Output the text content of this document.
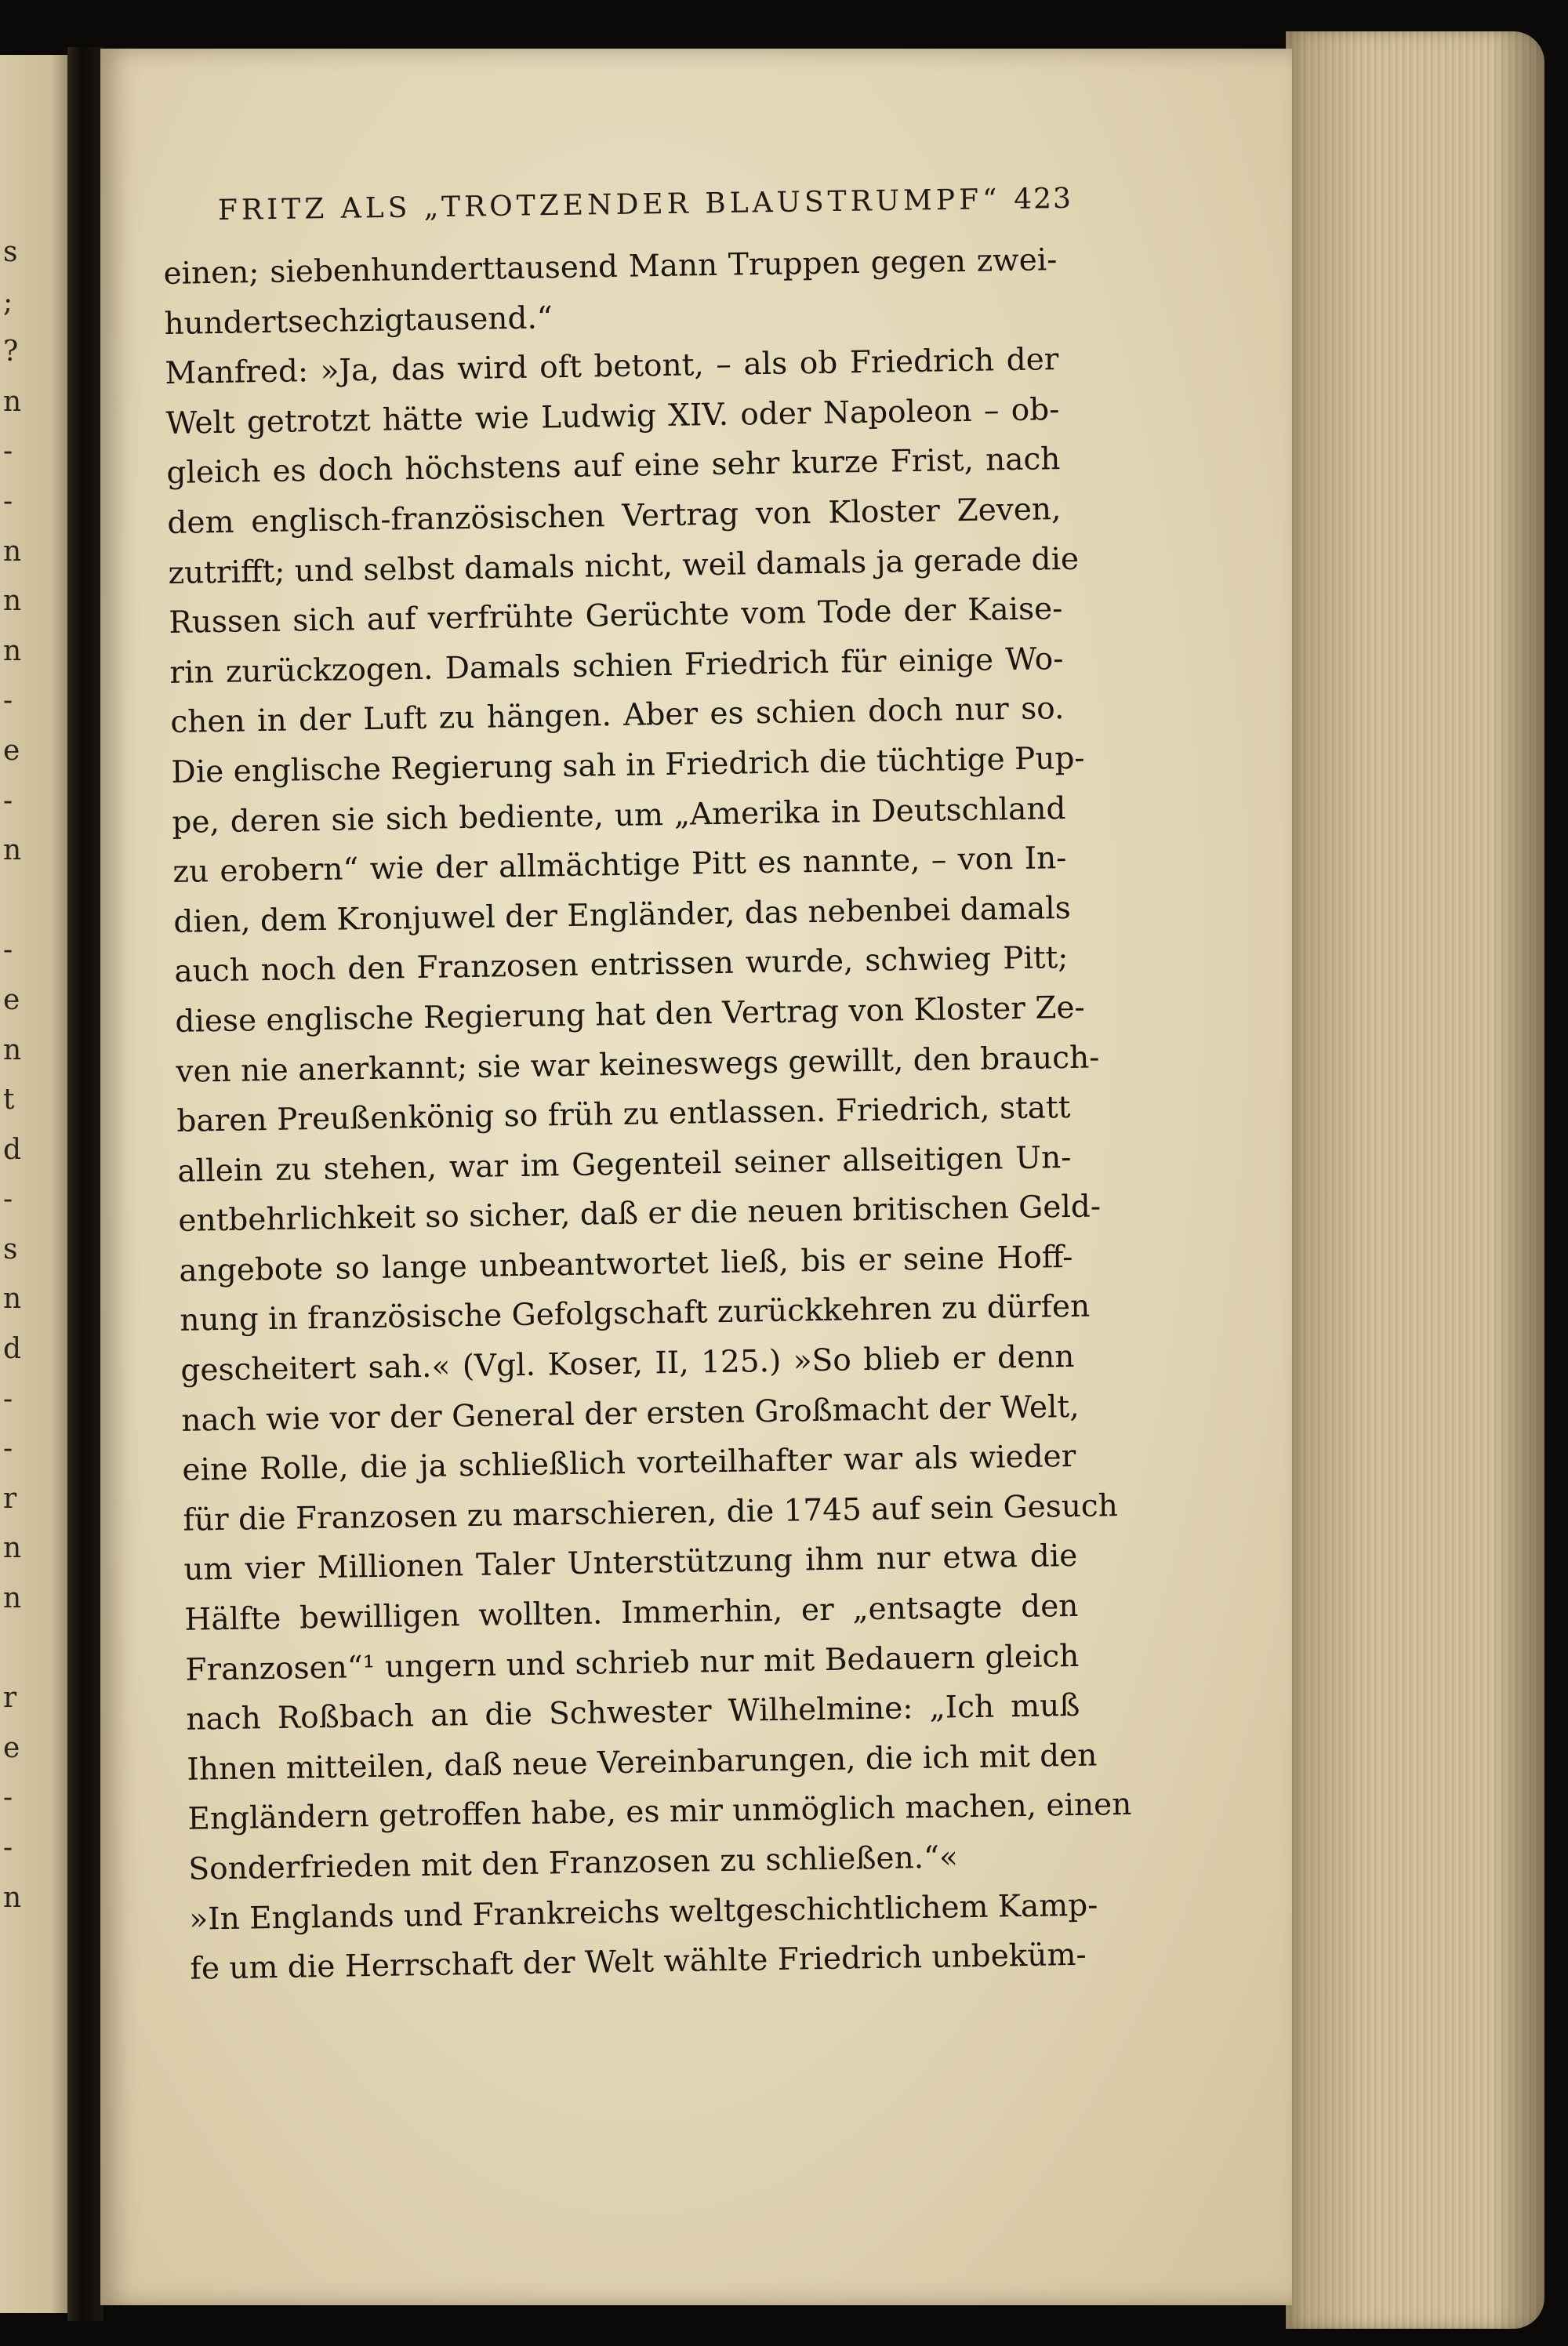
s
;
?
n
-
-
n
n
n
-
e
-
n
-
e
n
t
d
-
s
n
d
-
-
r
n
n
r
e
-
-
n
FRITZ ALS „TROTZENDER BLAUSTRUMPF“ 423
einen; siebenhunderttausend Mann Truppen gegen zwei-
hundertsechzigtausend.“
Manfred: »Ja, das wird oft betont, – als ob Friedrich der
Welt getrotzt hätte wie Ludwig XIV. oder Napoleon – ob-
gleich es doch höchstens auf eine sehr kurze Frist, nach
dem englisch-französischen Vertrag von Kloster Zeven,
zutrifft; und selbst damals nicht, weil damals ja gerade die
Russen sich auf verfrühte Gerüchte vom Tode der Kaise-
rin zurückzogen. Damals schien Friedrich für einige Wo-
chen in der Luft zu hängen. Aber es schien doch nur so.
Die englische Regierung sah in Friedrich die tüchtige Pup-
pe, deren sie sich bediente, um „Amerika in Deutschland
zu erobern“ wie der allmächtige Pitt es nannte, – von In-
dien, dem Kronjuwel der Engländer, das nebenbei damals
auch noch den Franzosen entrissen wurde, schwieg Pitt;
diese englische Regierung hat den Vertrag von Kloster Ze-
ven nie anerkannt; sie war keineswegs gewillt, den brauch-
baren Preußenkönig so früh zu entlassen. Friedrich, statt
allein zu stehen, war im Gegenteil seiner allseitigen Un-
entbehrlichkeit so sicher, daß er die neuen britischen Geld-
angebote so lange unbeantwortet ließ, bis er seine Hoff-
nung in französische Gefolgschaft zurückkehren zu dürfen
gescheitert sah.« (Vgl. Koser, II, 125.) »So blieb er denn
nach wie vor der General der ersten Großmacht der Welt,
eine Rolle, die ja schließlich vorteilhafter war als wieder
für die Franzosen zu marschieren, die 1745 auf sein Gesuch
um vier Millionen Taler Unterstützung ihm nur etwa die
Hälfte bewilligen wollten. Immerhin, er „entsagte den
Franzosen“¹ ungern und schrieb nur mit Bedauern gleich
nach Roßbach an die Schwester Wilhelmine: „Ich muß
Ihnen mitteilen, daß neue Vereinbarungen, die ich mit den
Engländern getroffen habe, es mir unmöglich machen, einen
Sonderfrieden mit den Franzosen zu schließen.“«
»In Englands und Frankreichs weltgeschichtlichem Kamp-
fe um die Herrschaft der Welt wählte Friedrich unbeküm-
